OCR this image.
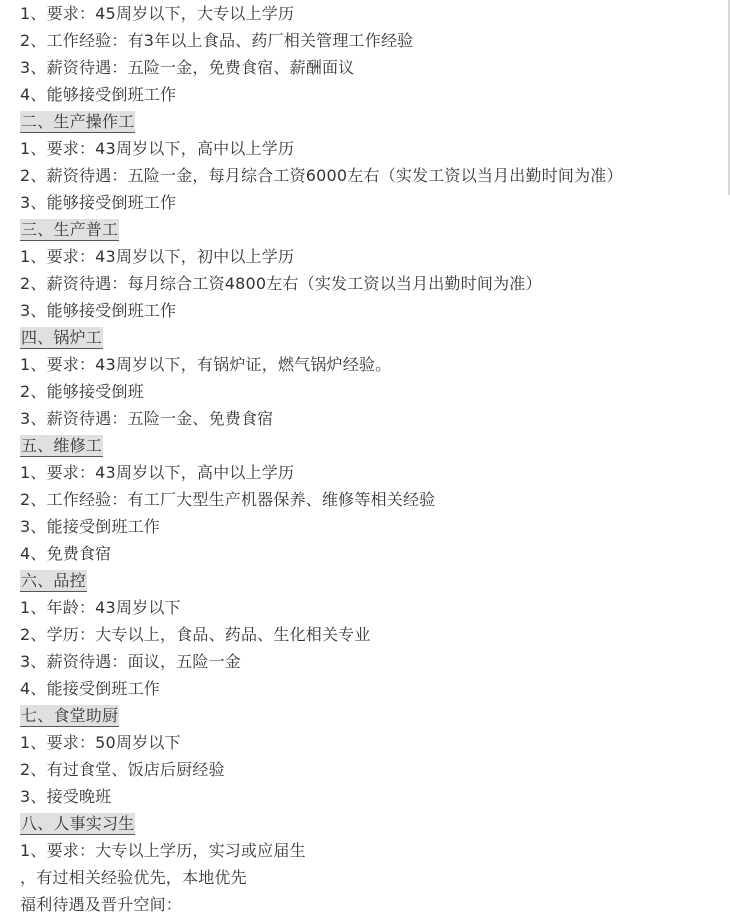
1、要求：45周岁以下，大专以上学历
2、工作经验：有3年以上食品、药厂相关管理工作经验
3、薪资待遇：五险一金，免费食宿、薪酬面议
4、能够接受倒班工作
二、生产操作工
1、要求：43周岁以下，高中以上学历
2、薪资待遇：五险一金，每月综合工资6000左右（实发工资以当月出勤时间为准）
3、能够接受倒班工作
三、生产普工
1、要求：43周岁以下，初中以上学历
2、薪资待遇：每月综合工资4800左右（实发工资以当月出勤时间为准）
3、能够接受倒班工作
四、锅炉工
1、要求：43周岁以下，有锅炉证，燃气锅炉经验。
2、能够接受倒班
3、薪资待遇：五险一金、免费食宿
五、维修工
1、要求：43周岁以下，高中以上学历
2、工作经验：有工厂大型生产机器保养、维修等相关经验
3、能接受倒班工作
4、免费食宿
六、品控
1、年龄：43周岁以下
2、学历：大专以上，食品、药品、生化相关专业
3、薪资待遇：面议，五险一金
4、能接受倒班工作
七、食堂助厨
1、要求：50周岁以下
2、有过食堂、饭店后厨经验
3、接受晚班
八、人事实习生
1、要求：大专以上学历，实习或应届生
，有过相关经验优先，本地优先
福利待遇及晋升空间：
